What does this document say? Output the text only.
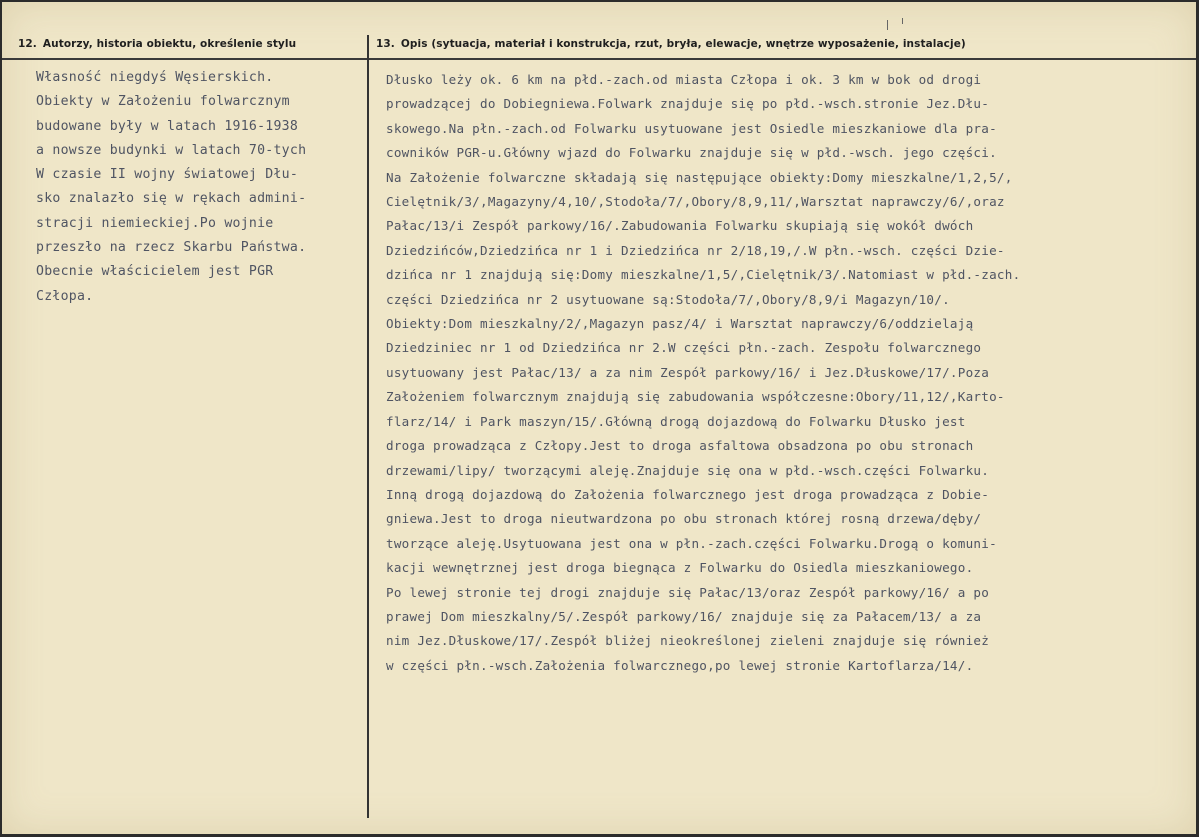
12. Autorzy, historia obiektu, określenie stylu	13. Opis (sytuacja, materiał i konstrukcja, rzut, bryła, elewacje, wnętrze wyposażenie, instalacje)
Własność niegdyś Węsierskich.
Obiekty w Założeniu folwarcznym
budowane były w latach 1916-1938
a nowsze budynki w latach 70-tych
W czasie II wojny światowej Dłu-
sko znalazło się w rękach admini-
stracji niemieckiej.Po wojnie
przeszło na rzecz Skarbu Państwa.
Obecnie właścicielem jest PGR
Człopa.
Dłusko leży ok. 6 km na płd.-zach.od miasta Człopa i ok. 3 km w bok od drogi
prowadzącej do Dobiegniewa.Folwark znajduje się po płd.-wsch.stronie Jez.Dłu-
skowego.Na płn.-zach.od Folwarku usytuowane jest Osiedle mieszkaniowe dla pra-
cowników PGR-u.Główny wjazd do Folwarku znajduje się w płd.-wsch. jego części.
Na Założenie folwarczne składają się następujące obiekty:Domy mieszkalne/1,2,5/,
Cielętnik/3/,Magazyny/4,10/,Stodoła/7/,Obory/8,9,11/,Warsztat naprawczy/6/,oraz
Pałac/13/i Zespół parkowy/16/.Zabudowania Folwarku skupiają się wokół dwóch
Dziedzińców,Dziedzińca nr 1 i Dziedzińca nr 2/18,19,/.W płn.-wsch. części Dzie-
dzińca nr 1 znajdują się:Domy mieszkalne/1,5/,Cielętnik/3/.Natomiast w płd.-zach.
części Dziedzińca nr 2 usytuowane są:Stodoła/7/,Obory/8,9/i Magazyn/10/.
Obiekty:Dom mieszkalny/2/,Magazyn pasz/4/ i Warsztat naprawczy/6/oddzielają
Dziedziniec nr 1 od Dziedzińca nr 2.W części płn.-zach. Zespołu folwarcznego
usytuowany jest Pałac/13/ a za nim Zespół parkowy/16/ i Jez.Dłuskowe/17/.Poza
Założeniem folwarcznym znajdują się zabudowania współczesne:Obory/11,12/,Karto-
flarz/14/ i Park maszyn/15/.Główną drogą dojazdową do Folwarku Dłusko jest
droga prowadząca z Człopy.Jest to droga asfaltowa obsadzona po obu stronach
drzewami/lipy/ tworzącymi aleję.Znajduje się ona w płd.-wsch.części Folwarku.
Inną drogą dojazdową do Założenia folwarcznego jest droga prowadząca z Dobie-
gniewa.Jest to droga nieutwardzona po obu stronach której rosną drzewa/dęby/
tworzące aleję.Usytuowana jest ona w płn.-zach.części Folwarku.Drogą o komuni-
kacji wewnętrznej jest droga biegnąca z Folwarku do Osiedla mieszkaniowego.
Po lewej stronie tej drogi znajduje się Pałac/13/oraz Zespół parkowy/16/ a po
prawej Dom mieszkalny/5/.Zespół parkowy/16/ znajduje się za Pałacem/13/ a za
nim Jez.Dłuskowe/17/.Zespół bliżej nieokreślonej zieleni znajduje się również
w części płn.-wsch.Założenia folwarcznego,po lewej stronie Kartoflarza/14/.
